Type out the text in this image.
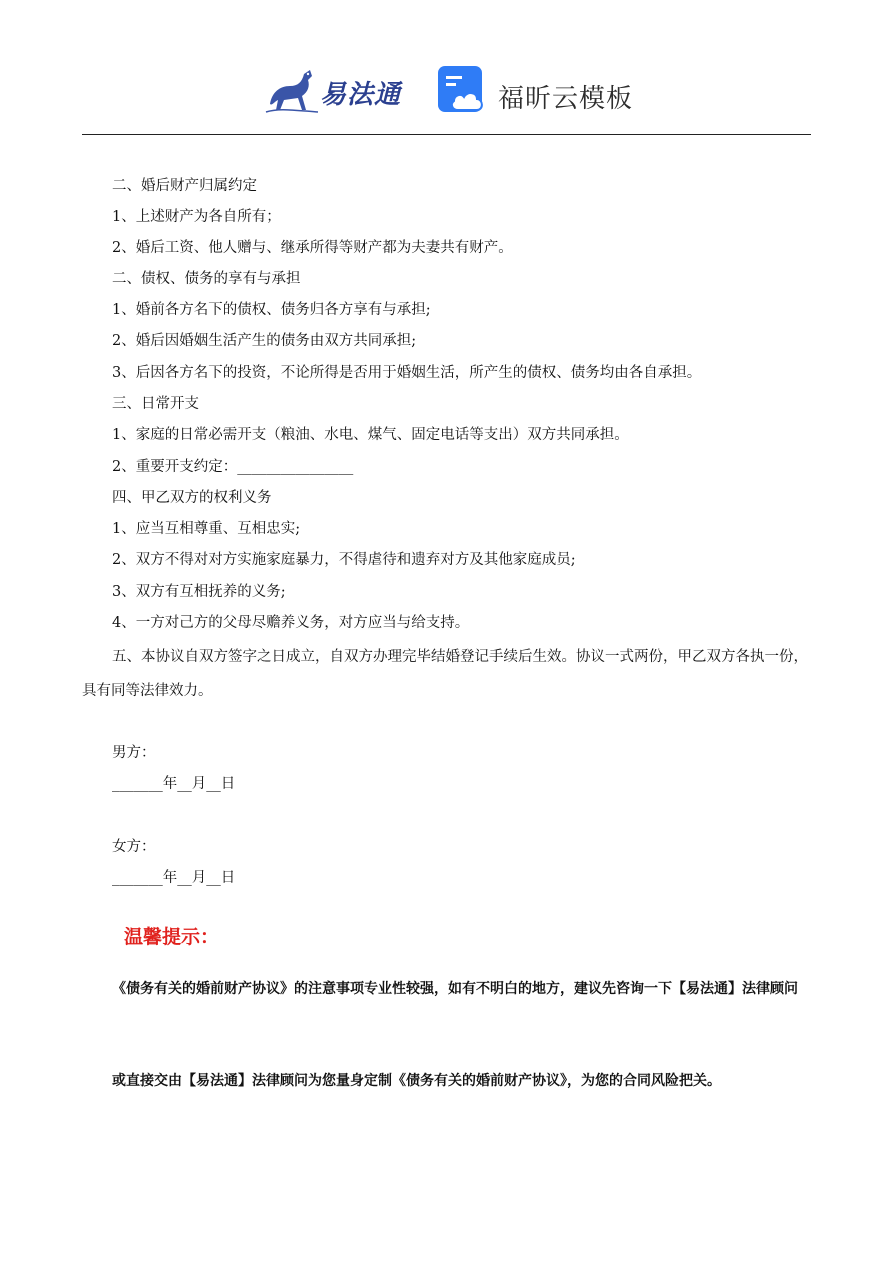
易法通	福昕云模板
二、婚后财产归属约定
1、上述财产为各自所有；
2、婚后工资、他人赠与、继承所得等财产都为夫妻共有财产。
二、债权、债务的享有与承担
1、婚前各方名下的债权、债务归各方享有与承担;
2、婚后因婚姻生活产生的债务由双方共同承担;
3、后因各方名下的投资，不论所得是否用于婚姻生活，所产生的债权、债务均由各自承担。
三、日常开支
1、家庭的日常必需开支（粮油、水电、煤气、固定电话等支出）双方共同承担。
2、重要开支约定：________________
四、甲乙双方的权利义务
1、应当互相尊重、互相忠实;
2、双方不得对对方实施家庭暴力，不得虐待和遗弃对方及其他家庭成员;
3、双方有互相抚养的义务;
4、一方对己方的父母尽赡养义务，对方应当与给支持。
五、本协议自双方签字之日成立，自双方办理完毕结婚登记手续后生效。协议一式两份，甲乙双方各执一份，具有同等法律效力。
男方：
_______年__月__日
女方：
_______年__月__日
温馨提示：
《债务有关的婚前财产协议》的注意事项专业性较强，如有不明白的地方，建议先咨询一下【易法通】法律顾问
或直接交由【易法通】法律顾问为您量身定制《债务有关的婚前财产协议》，为您的合同风险把关。
